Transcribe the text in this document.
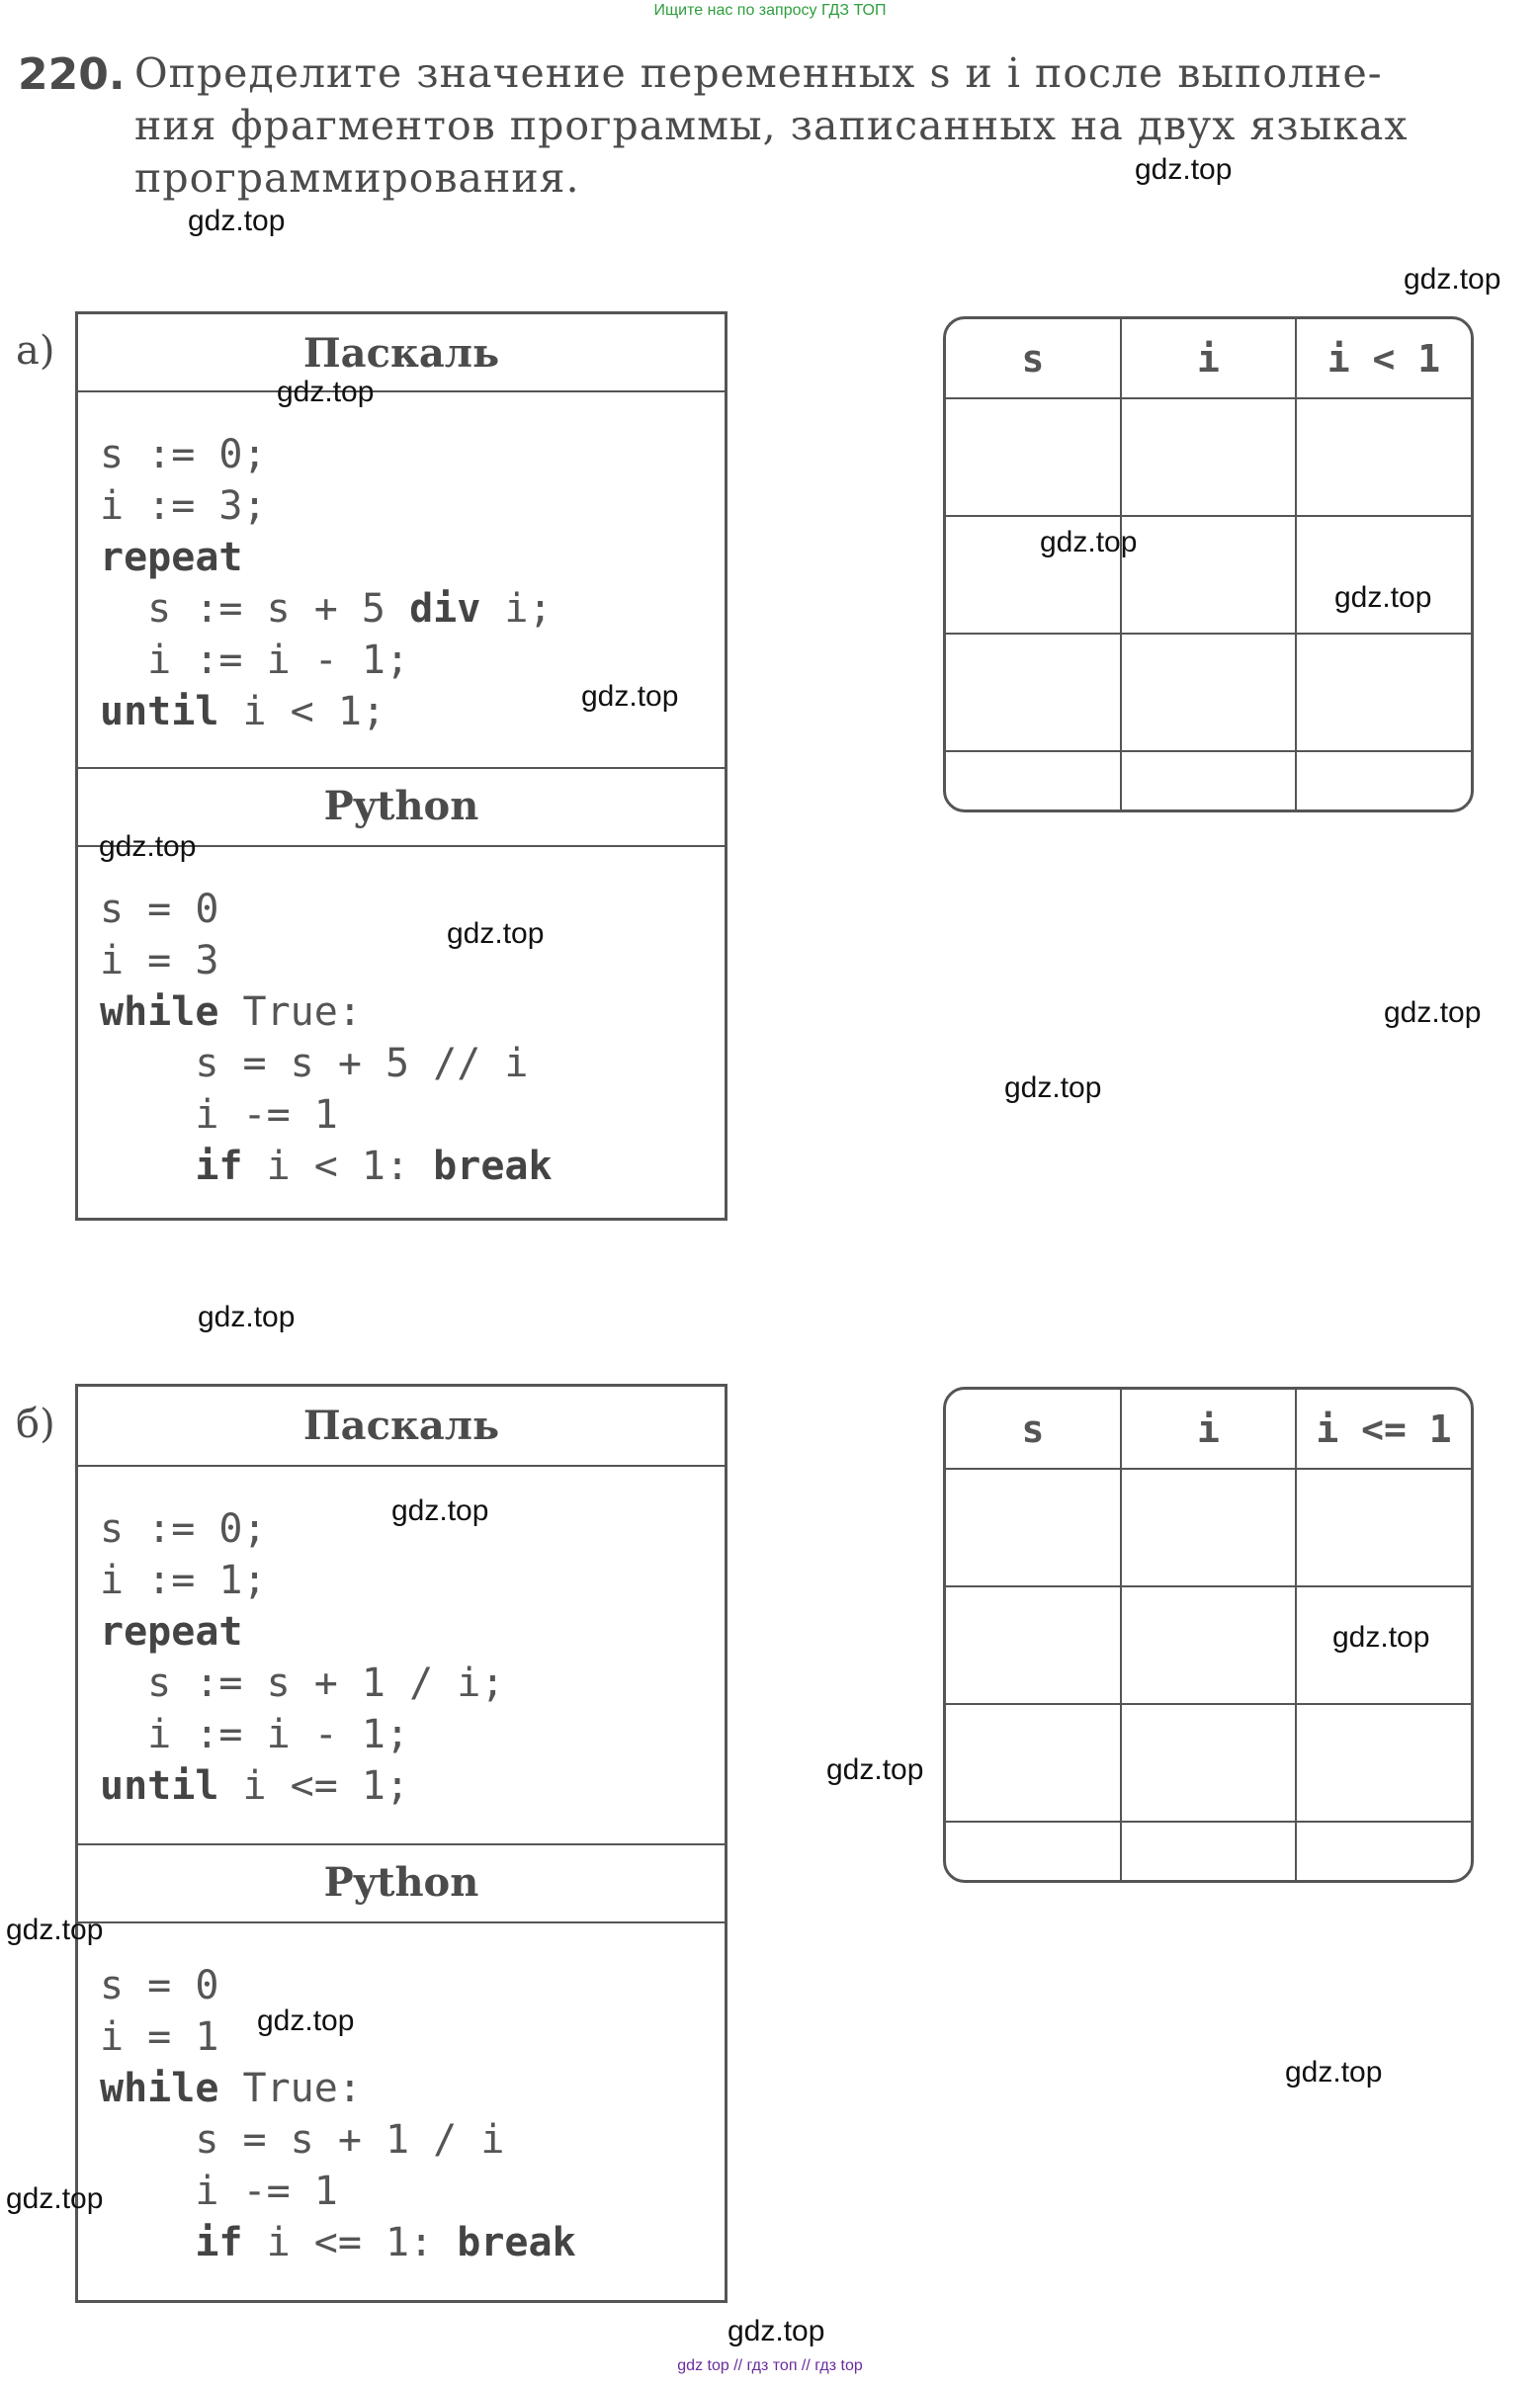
Ищите нас по запросу ГДЗ ТОП
220. Определите значение переменных s и i после выполне-
ния фрагментов программы, записанных на двух языках
программирования.
а)	Паскаль
s := 0;
i := 3;
repeat
s := s + 5 div i;
i := i - 1;
until i < 1;
Python
s = 0
i = 3
while True:
s = s + 5 // i
i -= 1
if i < 1: break
s	i	i < 1

б)	Паскаль
s := 0;
i := 1;
repeat
s := s + 1 / i;
i := i - 1;
until i <= 1;
Python
s = 0
i = 1
while True:
s = s + 1 / i
i -= 1
if i <= 1: break
s	i	i <= 1

gdz.top
gdz.top
gdz.top
gdz.top
gdz.top
gdz.top
gdz.top
gdz.top
gdz.top
gdz.top
gdz.top
gdz.top
gdz.top
gdz.top
gdz.top
gdz.top
gdz.top
gdz.top
gdz.top
gdz.top
gdz top // гдз топ // гдз top
